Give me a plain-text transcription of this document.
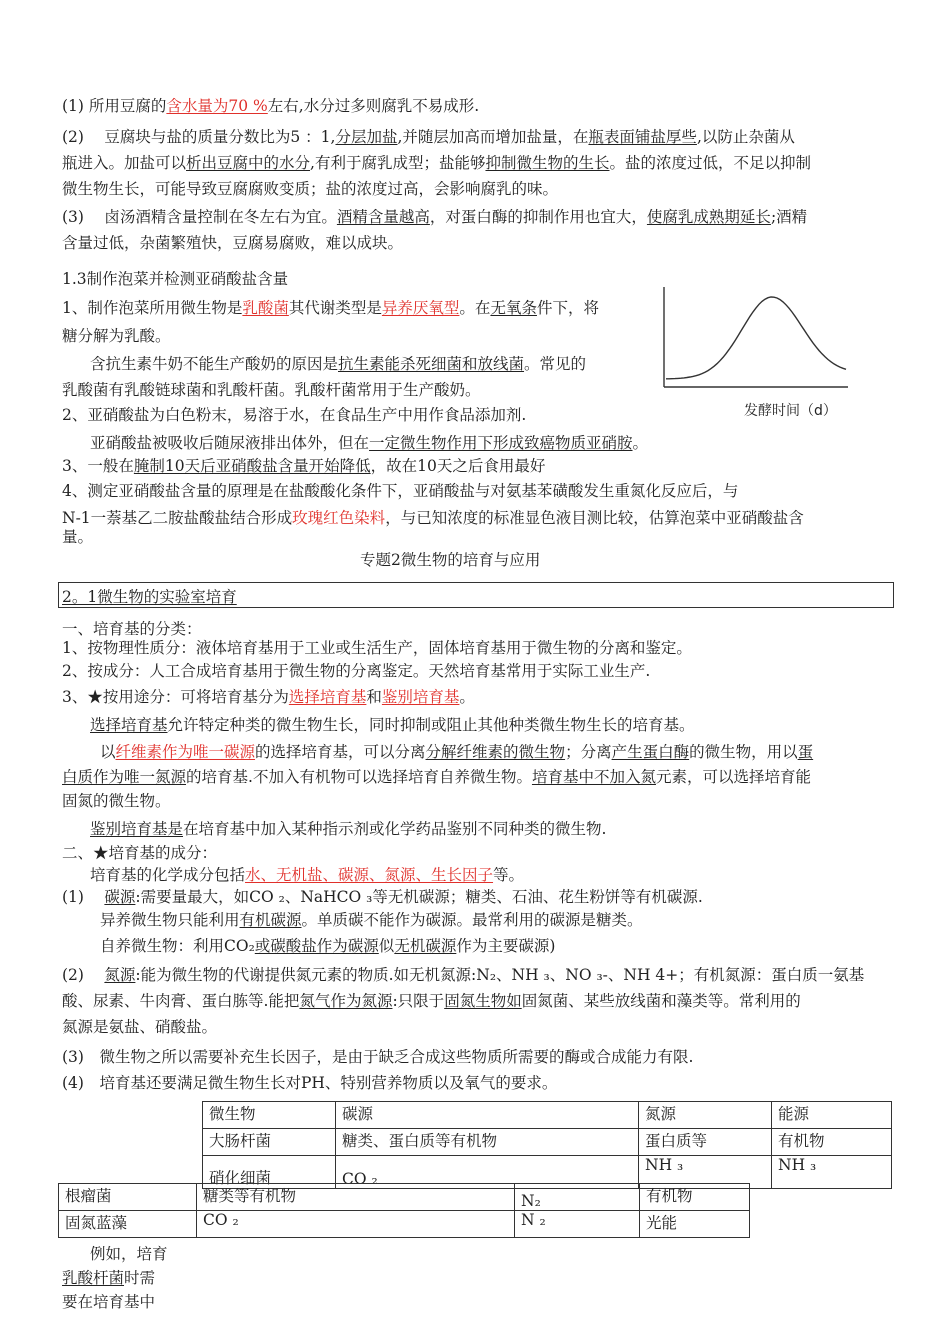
(1) 所用豆腐的含水量为70 %左右,水分过多则腐乳不易成形.
(2)　 豆腐块与盐的质量分数比为5 ：1,分层加盐,并随层加高而增加盐量，在瓶表面铺盐厚些,以防止杂菌从
瓶进入。加盐可以析出豆腐中的水分,有利于腐乳成型；盐能够抑制微生物的生长。盐的浓度过低，不足以抑制
微生物生长，可能导致豆腐腐败变质；盐的浓度过高，会影响腐乳的味。
(3)　 卤汤酒精含量控制在冬左右为宜。酒精含量越高，对蛋白酶的抑制作用也宜大，使腐乳成熟期延长;酒精
含量过低，杂菌繁殖快，豆腐易腐败，难以成块。
1.3制作泡菜并检测亚硝酸盐含量
1、制作泡菜所用微生物是乳酸菌其代谢类型是异养厌氧型。在无氧条件下，将
糖分解为乳酸。
含抗生素牛奶不能生产酸奶的原因是抗生素能杀死细菌和放线菌。常见的
乳酸菌有乳酸链球菌和乳酸杆菌。乳酸杆菌常用于生产酸奶。
2、亚硝酸盐为白色粉末，易溶于水，在食品生产中用作食品添加剂.
亚硝酸盐被吸收后随尿液排出体外，但在一定微生物作用下形成致癌物质亚硝胺。
3、一般在腌制10天后亚硝酸盐含量开始降低，故在10天之后食用最好
4、测定亚硝酸盐含量的原理是在盐酸酸化条件下，亚硝酸盐与对氨基苯磺酸发生重氮化反应后，与
N-1一萘基乙二胺盐酸盐结合形成玫瑰红色染料，与已知浓度的标准显色液目测比较，估算泡菜中亚硝酸盐含
量。
发酵时间（d）
专题2微生物的培育与应用
2。1微生物的实验室培育
一、培育基的分类：
1、按物理性质分：液体培育基用于工业或生活生产，固体培育基用于微生物的分离和鉴定。
2、按成分：人工合成培育基用于微生物的分离鉴定。天然培育基常用于实际工业生产.
3、★按用途分：可将培育基分为选择培育基和鉴别培育基。
选择培育基允许特定种类的微生物生长，同时抑制或阻止其他种类微生物生长的培育基。
以纤维素作为唯一碳源的选择培育基，可以分离分解纤维素的微生物；分离产生蛋白酶的微生物，用以蛋
白质作为唯一氮源的培育基.不加入有机物可以选择培育自养微生物。培育基中不加入氮元素，可以选择培育能
固氮的微生物。
鉴别培育基是在培育基中加入某种指示剂或化学药品鉴别不同种类的微生物.
二、★培育基的成分：
培育基的化学成分包括水、无机盐、碳源、氮源、生长因子等。
(1)　 碳源:需要量最大，如CO ₂、NaHCO ₃等无机碳源；糖类、石油、花生粉饼等有机碳源.
异养微生物只能利用有机碳源。单质碳不能作为碳源。最常利用的碳源是糖类。
自养微生物：利用CO₂或碳酸盐作为碳源似无机碳源作为主要碳源)
(2)　 氮源:能为微生物的代谢提供氮元素的物质.如无机氮源:N₂、NH ₃、NO ₃-、NH 4+；有机氮源：蛋白质一氨基
酸、尿素、牛肉膏、蛋白胨等.能把氮气作为氮源:只限于固氮生物如固氮菌、某些放线菌和藻类等。常利用的
氮源是氨盐、硝酸盐。
(3)　微生物之所以需要补充生长因子，是由于缺乏合成这些物质所需要的酶或合成能力有限.
(4)　培育基还要满足微生物生长对PH、特别营养物质以及氧气的要求。
微生物	碳源	氮源	能源
大肠杆菌	糖类、蛋白质等有机物	蛋白质等	有机物
硝化细菌	CO ₂	NH ₃	NH ₃
根瘤菌	糖类等有机物	N₂	有机物
固氮蓝藻	CO ₂	N ₂	光能
例如，培育
乳酸杆菌时需
要在培育基中
